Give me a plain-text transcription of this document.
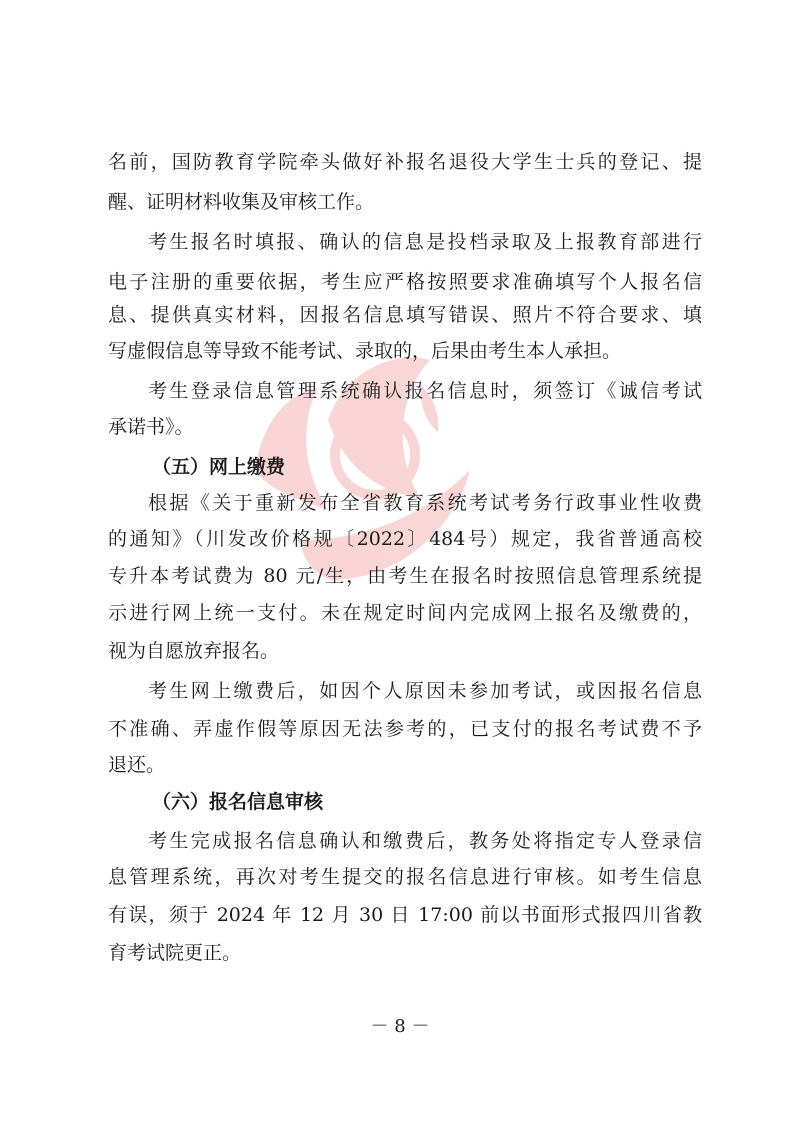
名前，国防教育学院牵头做好补报名退役大学生士兵的登记、提
醒、证明材料收集及审核工作。
考生报名时填报、确认的信息是投档录取及上报教育部进行
电子注册的重要依据，考生应严格按照要求准确填写个人报名信
息、提供真实材料，因报名信息填写错误、照片不符合要求、填
写虚假信息等导致不能考试、录取的，后果由考生本人承担。
考生登录信息管理系统确认报名信息时，须签订《诚信考试
承诺书》。
（五）网上缴费
根据《关于重新发布全省教育系统考试考务行政事业性收费
的通知》（川发改价格规〔2022〕484号）规定，我省普通高校
专升本考试费为 80 元/生，由考生在报名时按照信息管理系统提
示进行网上统一支付。未在规定时间内完成网上报名及缴费的，
视为自愿放弃报名。
考生网上缴费后，如因个人原因未参加考试，或因报名信息
不准确、弄虚作假等原因无法参考的，已支付的报名考试费不予
退还。
（六）报名信息审核
考生完成报名信息确认和缴费后，教务处将指定专人登录信
息管理系统，再次对考生提交的报名信息进行审核。如考生信息
有误，须于 2024 年 12 月 30 日 17:00 前以书面形式报四川省教
育考试院更正。
－ 8 －
